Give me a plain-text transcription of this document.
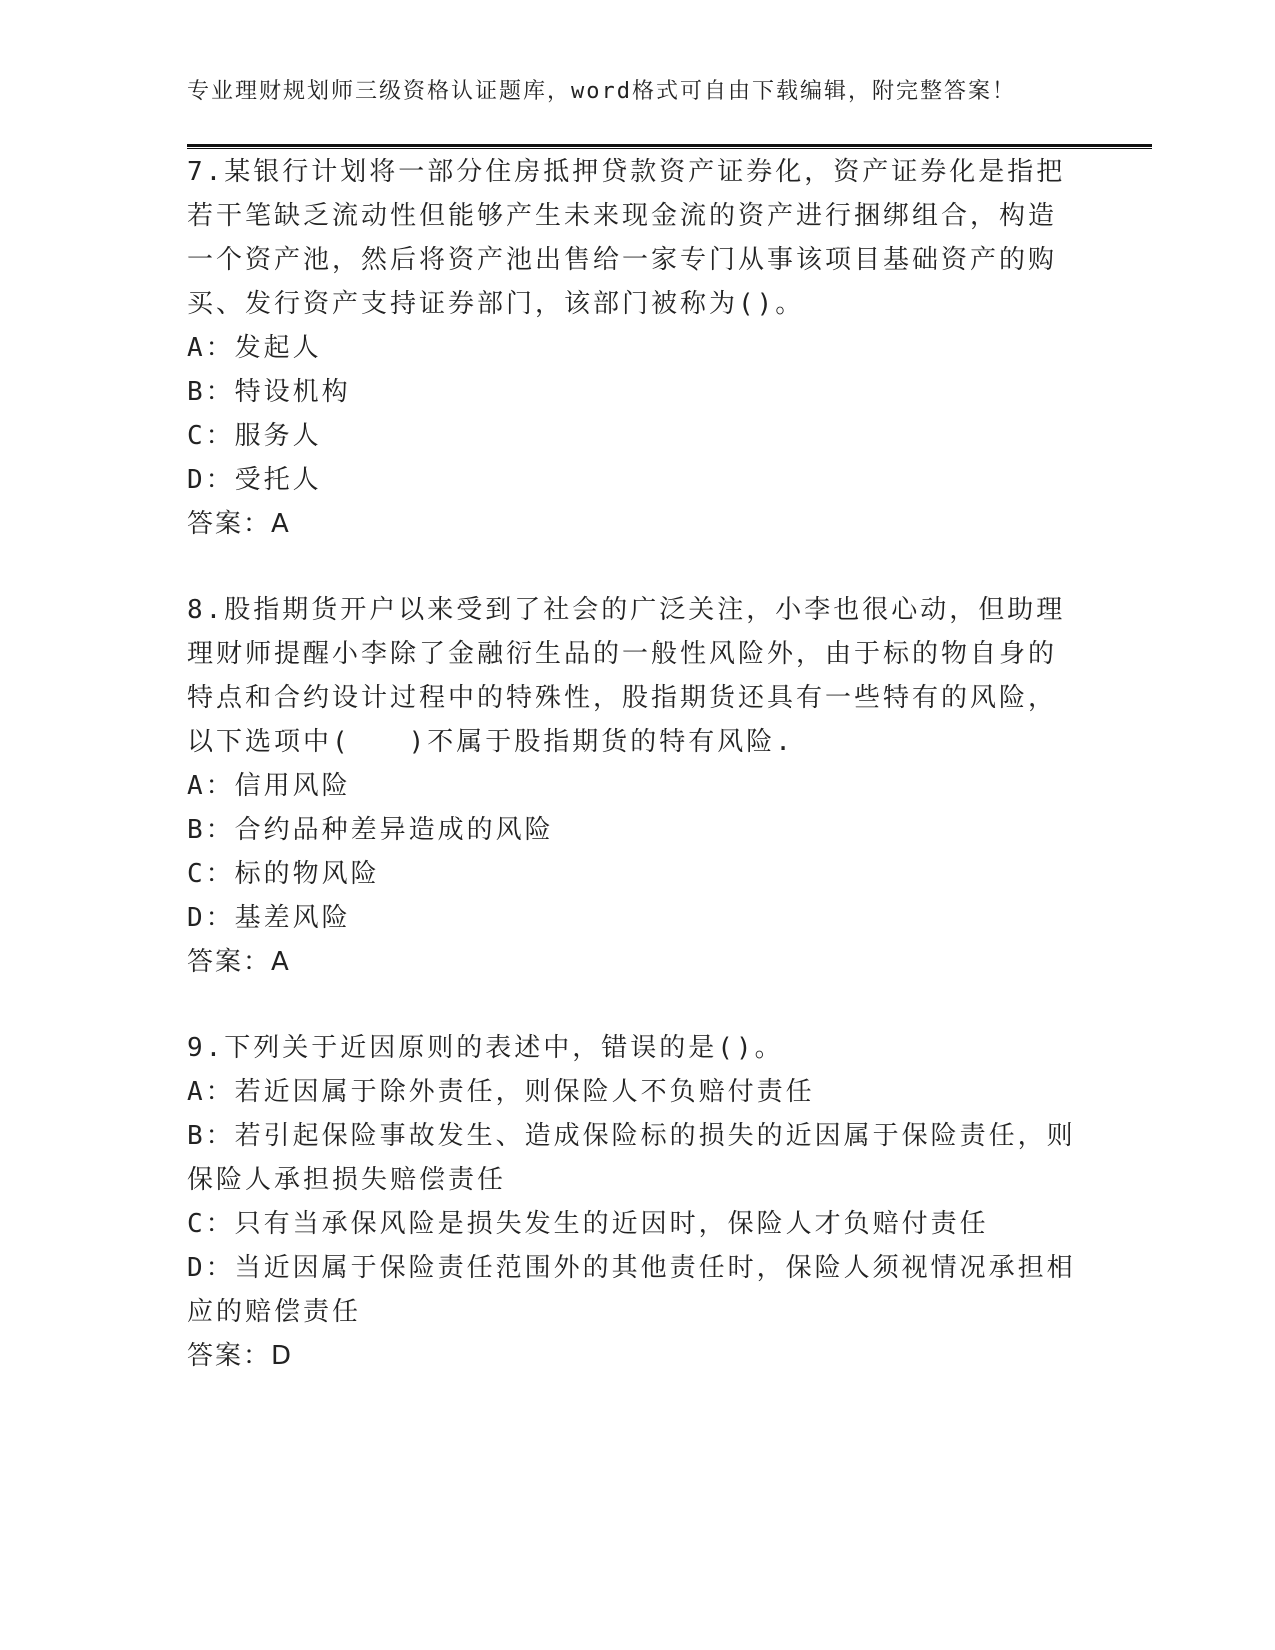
专业理财规划师三级资格认证题库，word格式可自由下载编辑，附完整答案！
7.某银行计划将一部分住房抵押贷款资产证券化，资产证券化是指把
若干笔缺乏流动性但能够产生未来现金流的资产进行捆绑组合，构造
一个资产池，然后将资产池出售给一家专门从事该项目基础资产的购
买、发行资产支持证券部门，该部门被称为()。
A：发起人
B：特设机构
C：服务人
D：受托人
答案：A
8.股指期货开户以来受到了社会的广泛关注，小李也很心动，但助理
理财师提醒小李除了金融衍生品的一般性风险外，由于标的物自身的
特点和合约设计过程中的特殊性，股指期货还具有一些特有的风险，
以下选项中(　　)不属于股指期货的特有风险.
A：信用风险
B：合约品种差异造成的风险
C：标的物风险
D：基差风险
答案：A
9.下列关于近因原则的表述中，错误的是()。
A：若近因属于除外责任，则保险人不负赔付责任
B：若引起保险事故发生、造成保险标的损失的近因属于保险责任，则
保险人承担损失赔偿责任
C：只有当承保风险是损失发生的近因时，保险人才负赔付责任
D：当近因属于保险责任范围外的其他责任时，保险人须视情况承担相
应的赔偿责任
答案：D
